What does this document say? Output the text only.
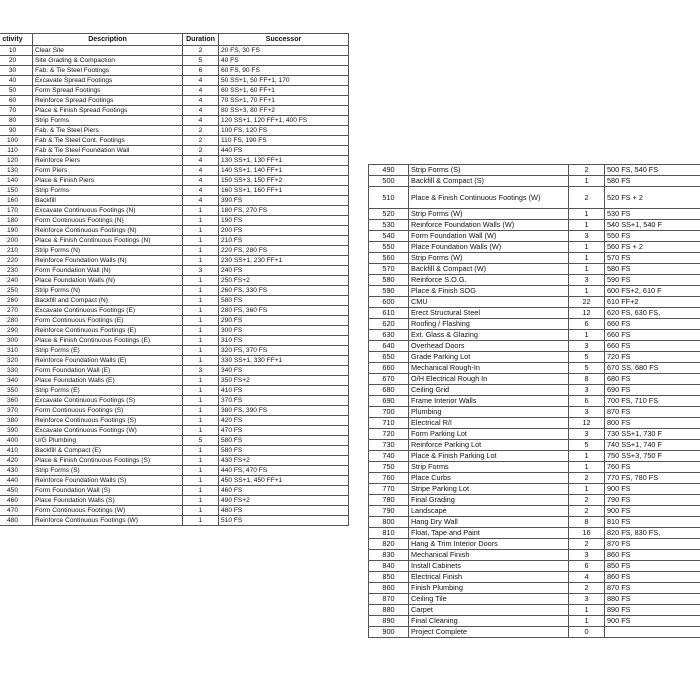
ctivity	Description	Duration	Successor
10	Clear Site	2	20 FS, 30 FS
20	Site Grading & Compaction	5	40 FS
30	Fab. & Tie Steel Footings	6	60 FS, 90 FS
40	Excavate Spread Footings	4	50 SS+1, 50 FF+1, 170
50	Form Spread Footings	4	60 SS+1, 60 FF+1
60	Reinforce Spread Footings	4	70 SS+1, 70 FF+1
70	Place & Finish Spread Footings	4	80 SS+3, 80 FF+2
80	Strip Forms	4	120 SS+1, 120 FF+1, 400 FS
90	Fab. & Tie Steel Piers	2	100 FS, 120 FS
100	Fab & Tie Steel Cont. Footings	2	110 FS, 190 FS
110	Fab & Tie Steel Foundation Wall	2	440 FS
120	Reinforce Piers	4	130 SS+1, 130 FF+1
130	Form Piers	4	140 SS+1, 140 FF+1
140	Place & Finish Piers	4	150 SS+3, 150 FF+2
150	Strip Forms	4	160 SS+1, 160 FF+1
160	Backfill	4	390 FS
170	Excavate Continuous Footings (N)	1	180 FS, 270 FS
180	Form Continuous Footings (N)	1	190 FS
190	Reinforce Continuous Footings (N)	1	200 FS
200	Place & Finish Continuous Footings (N)	1	210 FS
210	Strip Forms (N)	1	220 FS, 280 FS
220	Reinforce Foundation Walls (N)	1	230 SS+1, 230 FF+1
230	Form Foundation Wall (N)	3	240 FS
240	Place Foundation Walls (N)	1	250 FS+2
250	Strip Forms (N)	1	260 FS, 330 FS
260	Backfill and Compact (N)	1	580 FS
270	Excavate Continuous Footings (E)	1	280 FS, 360 FS
280	Form Continuous Footings (E)	1	290 FS
290	Reinforce Continuous Footings (E)	1	300 FS
300	Place & Finish Continuous Footings (E)	1	310 FS
310	Strip Forms (E)	1	320 FS, 370 FS
320	Reinforce Foundation Walls (E)	1	330 SS+1, 330 FF+1
330	Form Foundation Wall (E)	3	340 FS
340	Place Foundation Walls (E)	1	350 FS+2
350	Strip Forms (E)	1	410 FS
360	Excavate Continuous Footings (S)	1	370 FS
370	Form Continuous Footings (S)	1	380 FS, 390 FS
380	Reinforce Continuous Footings (S)	1	420 FS
390	Excavate Continuous Footings (W)	1	470 FS
400	U/G Plumbing	5	580 FS
410	Backfill & Compact (E)	1	580 FS
420	Place & Finish Continuous Footings (S)	1	430 FS+2
430	Strip Forms (S)	1	440 FS, 470 FS
440	Reinforce Foundation Walls (S)	1	450 SS+1, 450 FF+1
450	Form Foundation Wall (S)	1	460 FS
460	Place Foundation Walls (S)	1	490 FS+2
470	Form Continuous Footings (W)	1	480 FS
480	Reinforce Continuous Footings (W)	1	510 FS
490	Strip Forms (S)	2	500 FS, 540 FS
500	Backfill & Compact (S)	1	580 FS
510	Place & Finish Continuous Footings (W)	2	520 FS + 2
520	Strip Forms (W)	1	530 FS
530	Reinforce Foundation Walls (W)	1	540 SS+1, 540 F
540	Form Foundation Wall (W)	3	550 FS
550	Place Foundation Walls (W)	1	560 FS + 2
560	Strip Forms (W)	1	570 FS
570	Backfill & Compact (W)	1	580 FS
580	Reinforce S.O.G.	3	590 FS
590	Place & Finish SOG	1	600 FS+2, 610 F
600	CMU	22	610 FF+2
610	Erect Structural Steel	12	620 FS, 630 FS,
620	Roofing / Flashing	6	660 FS
630	Ext. Glass & Glazing	1	660 FS
640	Overhead Doors	3	660 FS
650	Grade Parking Lot	5	720 FS
660	Mechanical Rough-In	5	670 SS, 680 FS
670	O/H Electrical Rough In	8	680 FS
680	Ceiling Grid	3	690 FS
690	Frame Interior Walls	6	700 FS, 710 FS
700	Plumbing	3	870 FS
710	Electrical R/I	12	800 FS
720	Form Parking Lot	3	730 SS+1, 730 F
730	Reinforce Parking Lot	5	740 SS+1, 740 F
740	Place & Finish Parking Lot	1	750 SS+3, 750 F
750	Strip Forms	1	760 FS
760	Place Curbs	2	770 FS, 780 FS
770	Stripe Parking Lot	1	900 FS
780	Final Grading	2	790 FS
790	Landscape	2	900 FS
800	Hang Dry Wall	8	810 FS
810	Float, Tape and Paint	16	820 FS, 830 FS,
820	Hang & Trim Interior Doors	2	870 FS
830	Mechanical Finish	3	860 FS
840	Install Cabinets	6	850 FS
850	Electrical Finish	4	860 FS
860	Finish Plumbing	2	870 FS
870	Ceiling Tile	3	880 FS
880	Carpet	1	890 FS
890	Final Cleaning	1	900 FS
900	Project Complete	0	
